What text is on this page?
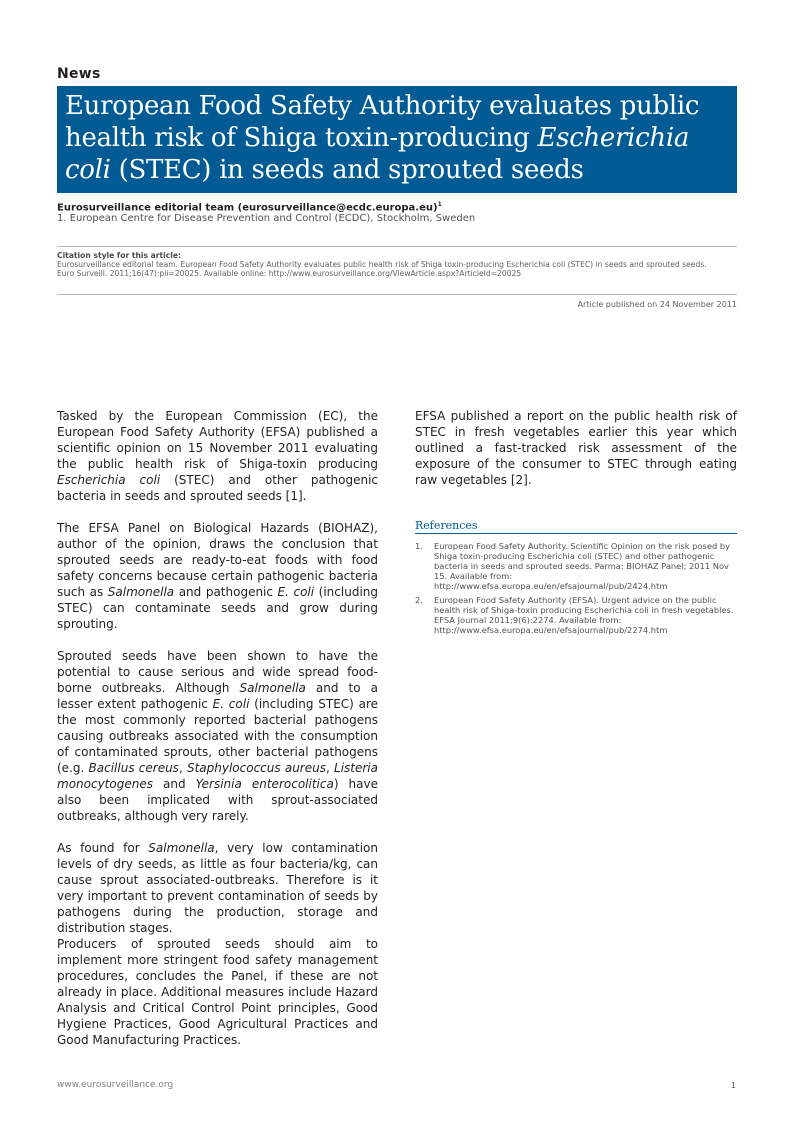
News
European Food Safety Authority evaluates public health risk of Shiga toxin-producing Escherichia coli (STEC) in seeds and sprouted seeds
Eurosurveillance editorial team (eurosurveillance@ecdc.europa.eu)$^1$
1. European Centre for Disease Prevention and Control (ECDC), Stockholm, Sweden
Citation style for this article:
Eurosurveillance editorial team. European Food Safety Authority evaluates public health risk of Shiga toxin-producing Escherichia coli (STEC) in seeds and sprouted seeds.
Euro Surveill. 2011;16(47):pii=20025. Available online: http://www.eurosurveillance.org/ViewArticle.aspx?ArticleId=20025
Article published on 24 November 2011

Tasked by the European Commission (EC), the European Food Safety Authority (EFSA) published a scientific opinion on 15 November 2011 evaluating the public health risk of Shiga-toxin producing Escherichia coli (STEC) and other pathogenic bacteria in seeds and sprouted seeds [1].

The EFSA Panel on Biological Hazards (BIOHAZ), author of the opinion, draws the conclusion that sprouted seeds are ready-to-eat foods with food safety concerns because certain pathogenic bacteria such as Salmonella and pathogenic E. coli (including STEC) can contaminate seeds and grow during sprouting.

Sprouted seeds have been shown to have the potential to cause serious and wide spread food-borne outbreaks. Although Salmonella and to a lesser extent pathogenic E. coli (including STEC) are the most commonly reported bacterial pathogens causing outbreaks associated with the consumption of contaminated sprouts, other bacterial pathogens (e.g. Bacillus cereus, Staphylococcus aureus, Listeria monocytogenes and Yersinia enterocolitica) have also been implicated with sprout-associated outbreaks, although very rarely.

As found for Salmonella, very low contamination levels of dry seeds, as little as four bacteria/kg, can cause sprout associated-outbreaks. Therefore is it very important to prevent contamination of seeds by pathogens during the production, storage and distribution stages.

Producers of sprouted seeds should aim to implement more stringent food safety management procedures, concludes the Panel, if these are not already in place. Additional measures include Hazard Analysis and Critical Control Point principles, Good Hygiene Practices, Good Agricultural Practices and Good Manufacturing Practices.

EFSA published a report on the public health risk of STEC in fresh vegetables earlier this year which outlined a fast-tracked risk assessment of the exposure of the consumer to STEC through eating raw vegetables [2].

References
1. European Food Safety Authority. Scientific Opinion on the risk posed by Shiga toxin-producing Escherichia coli (STEC) and other pathogenic bacteria in seeds and sprouted seeds. Parma: BIOHAZ Panel; 2011 Nov 15. Available from: http://www.efsa.europa.eu/en/efsajournal/pub/2424.htm
2. European Food Safety Authority (EFSA). Urgent advice on the public health risk of Shiga-toxin producing Escherichia coli in fresh vegetables. EFSA Journal 2011;9(6):2274. Available from: http://www.efsa.europa.eu/en/efsajournal/pub/2274.htm
www.eurosurveillance.org	1
